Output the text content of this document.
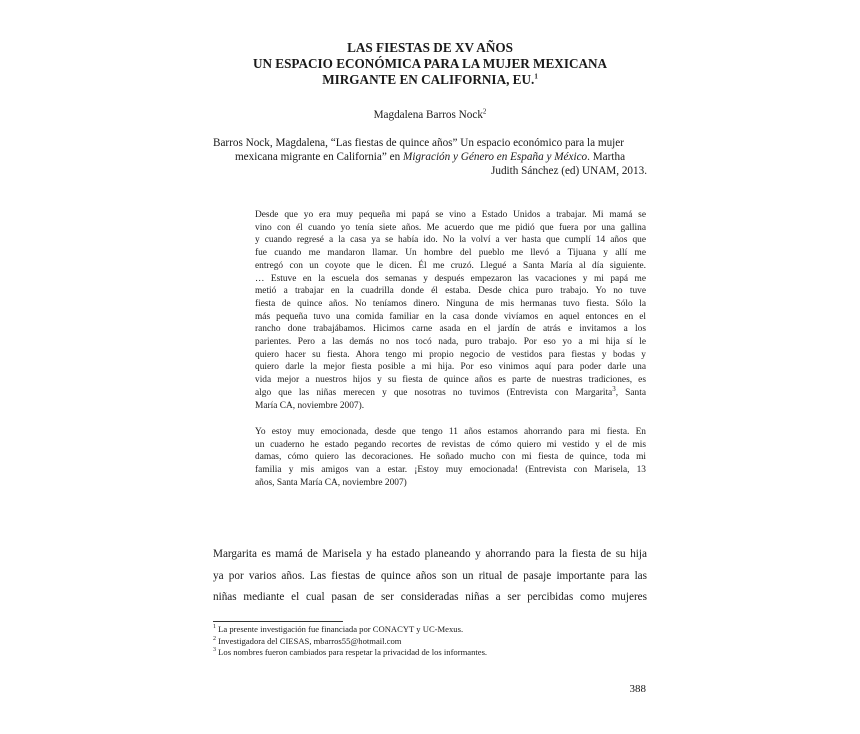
LAS FIESTAS DE XV AÑOS
UN ESPACIO ECONÓMICA PARA LA MUJER MEXICANA
MIRGANTE EN CALIFORNIA, EU.$^1$
Magdalena Barros Nock$^2$
Barros Nock, Magdalena, “Las fiestas de quince años” Un espacio económico para la mujer
mexicana migrante en California” en Migración y Género en España y México. Martha
Judith Sánchez (ed) UNAM, 2013.
Desde que yo era muy pequeña mi papá se vino a Estado Unidos a trabajar. Mi mamá se
vino con él cuando yo tenía siete años. Me acuerdo que me pidió que fuera por una gallina
y cuando regresé a la casa ya se había ido. No la volví a ver hasta que cumplí 14 años que
fue cuando me mandaron llamar. Un hombre del pueblo me llevó a Tijuana y allí me
entregó con un coyote que le dicen. Él me cruzó. Llegué a Santa María al día siguiente.
… Estuve en la escuela dos semanas y después empezaron las vacaciones y mi papá me
metió a trabajar en la cuadrilla donde él estaba. Desde chica puro trabajo. Yo no tuve
fiesta de quince años. No teníamos dinero. Ninguna de mis hermanas tuvo fiesta. Sólo la
más pequeña tuvo una comida familiar en la casa donde vivíamos en aquel entonces en el
rancho done trabajábamos. Hicimos carne asada en el jardín de atrás e invitamos a los
parientes. Pero a las demás no nos tocó nada, puro trabajo. Por eso yo a mi hija sí le
quiero hacer su fiesta. Ahora tengo mi propio negocio de vestidos para fiestas y bodas y
quiero darle la mejor fiesta posible a mi hija. Por eso vinimos aquí para poder darle una
vida mejor a nuestros hijos y su fiesta de quince años es parte de nuestras tradiciones, es
algo que las niñas merecen y que nosotras no tuvimos (Entrevista con Margarita$^3$, Santa
María CA, noviembre 2007).
Yo estoy muy emocionada, desde que tengo 11 años estamos ahorrando para mi fiesta. En
un cuaderno he estado pegando recortes de revistas de cómo quiero mi vestido y el de mis
damas, cómo quiero las decoraciones. He soñado mucho con mi fiesta de quince, toda mi
familia y mis amigos van a estar. ¡Estoy muy emocionada! (Entrevista con Marisela, 13
años, Santa María CA, noviembre 2007)
Margarita es mamá de Marisela y ha estado planeando y ahorrando para la fiesta de su hija
ya por varios años. Las fiestas de quince años son un ritual de pasaje importante para las
niñas mediante el cual pasan de ser consideradas niñas a ser percibidas como mujeres
$^1$ La presente investigación fue financiada por CONACYT y UC-Mexus.
$^2$ Investigadora del CIESAS, mbarros55@hotmail.com
$^3$ Los nombres fueron cambiados para respetar la privacidad de los informantes.
388
